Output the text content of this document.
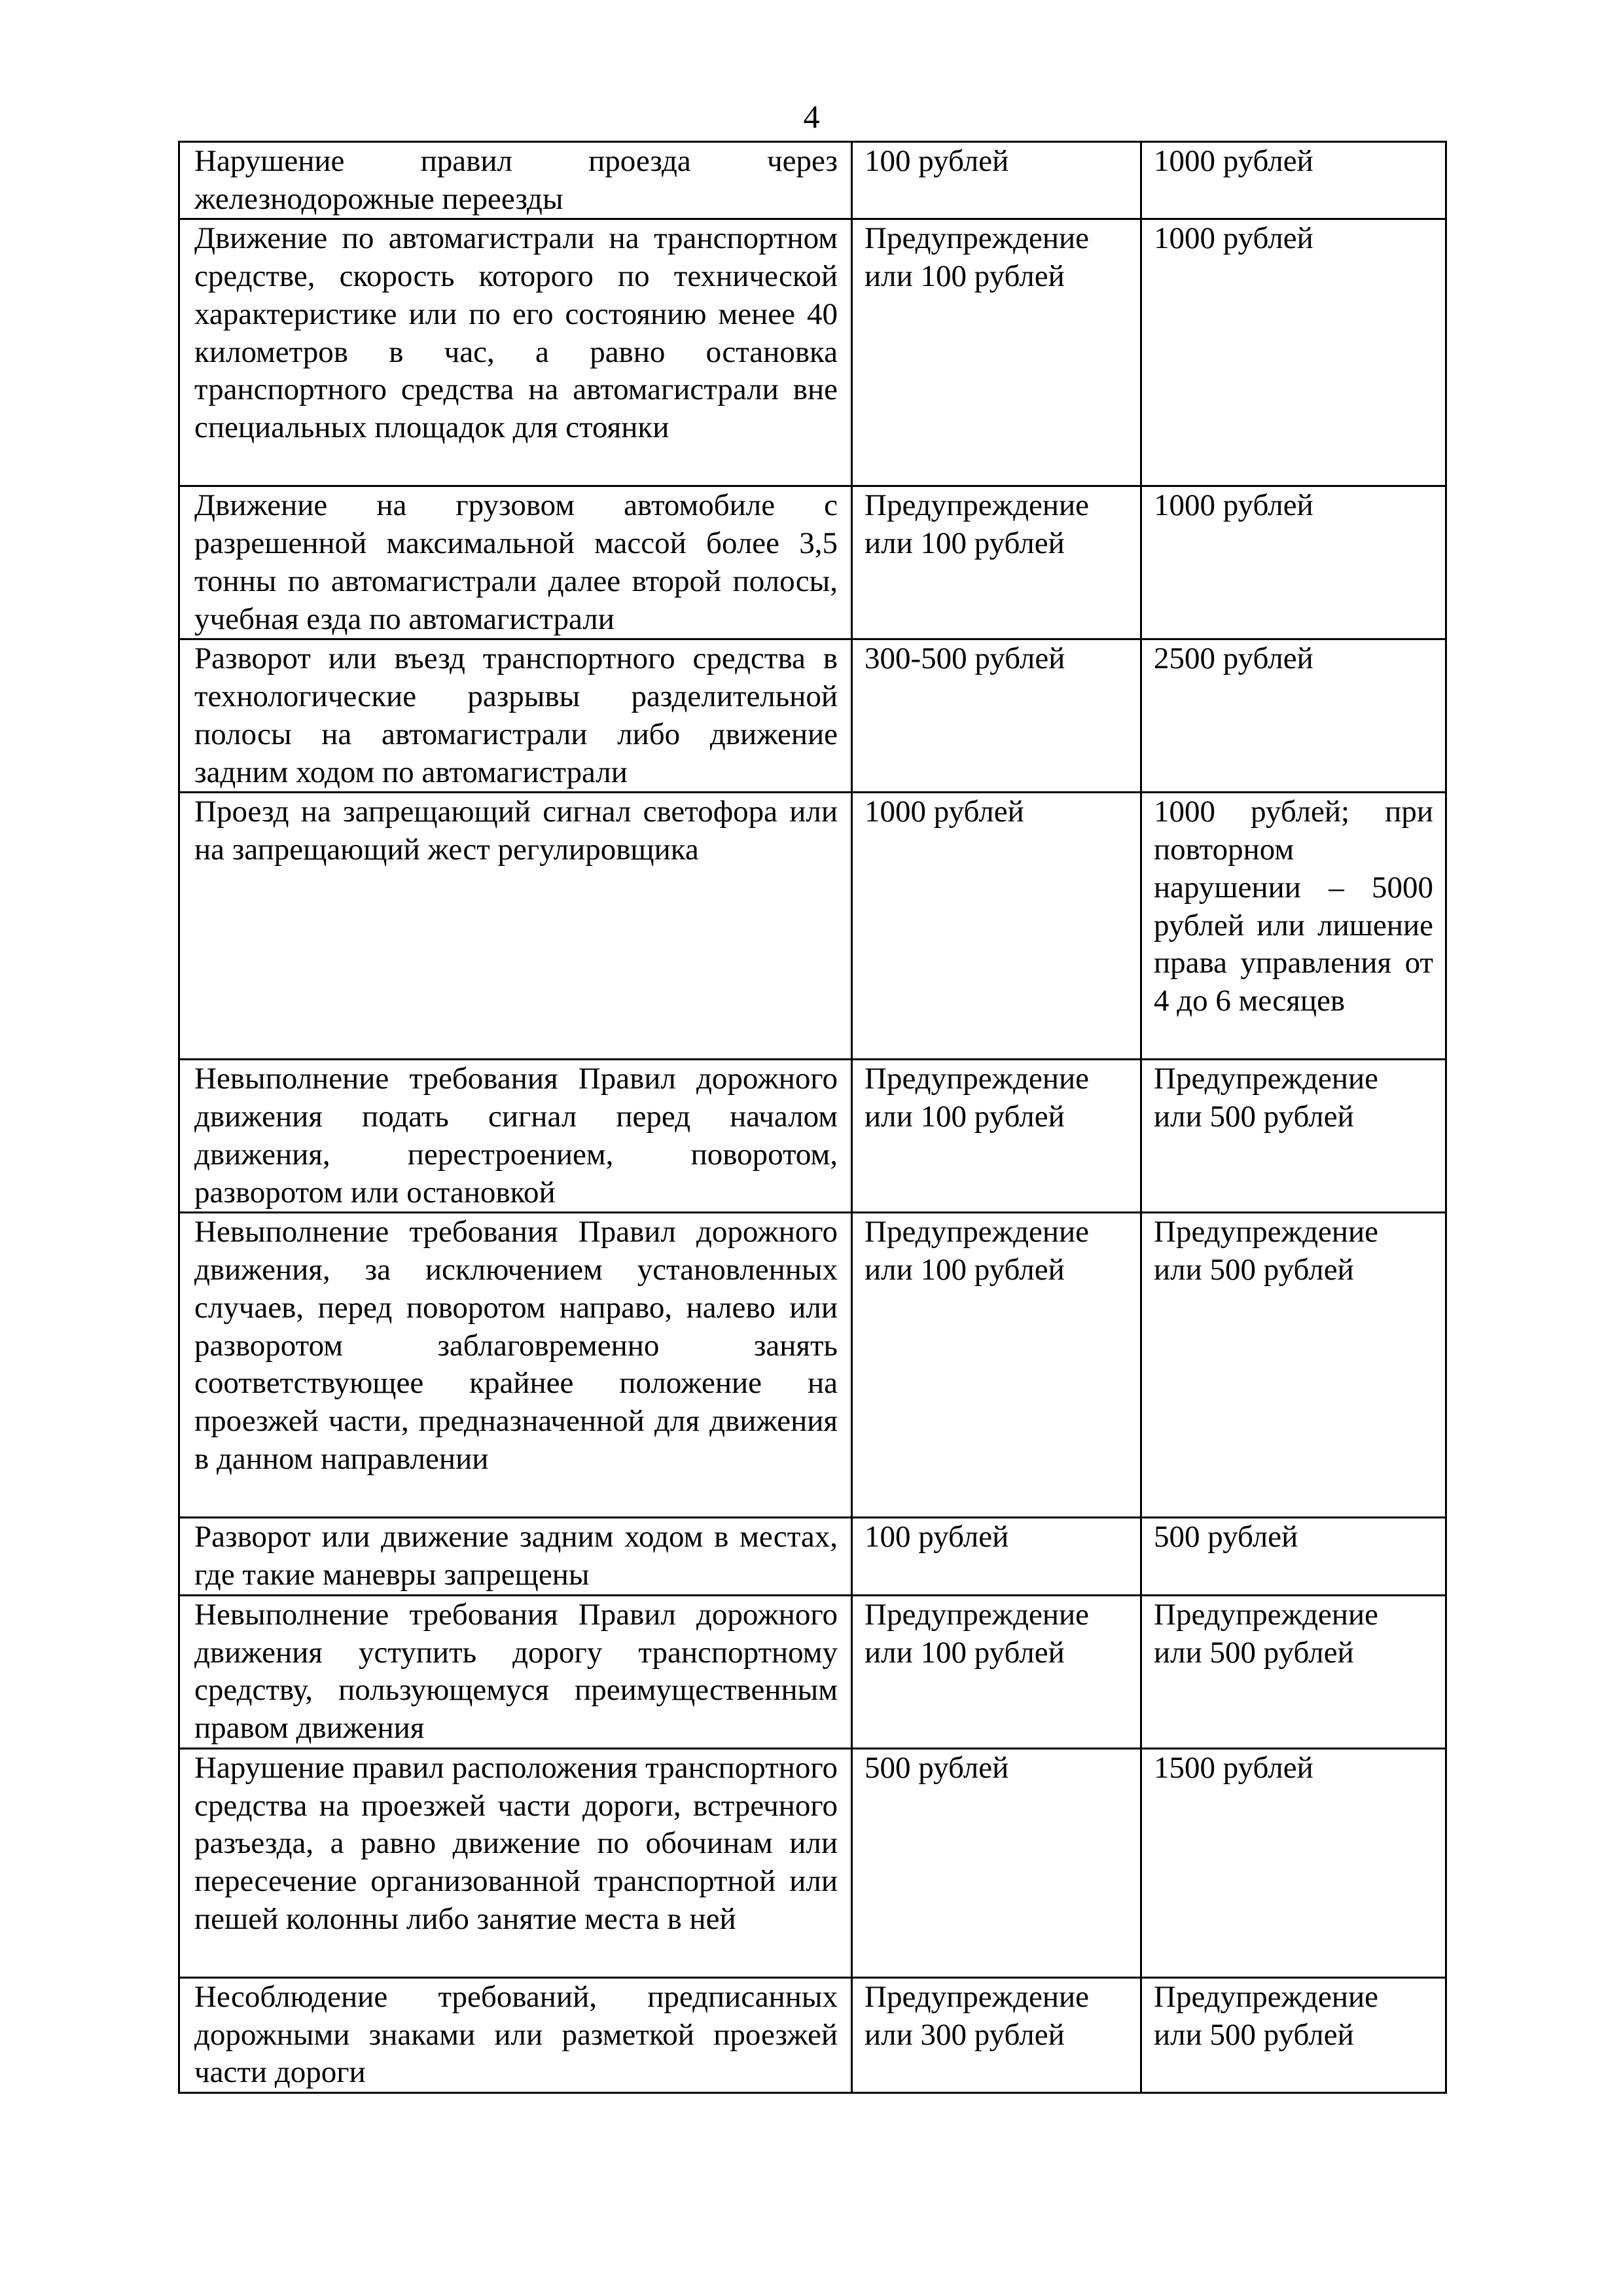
4
Нарушение правил проезда через железнодорожные переезды	100 рублей	1000 рублей
Движение по автомагистрали на транспортном средстве, скорость которого по технической характеристике или по его состоянию менее 40 километров в час, а равно остановка транспортного средства на автомагистрали вне специальных площадок для стоянки	Предупреждение или 100 рублей	1000 рублей
Движение на грузовом автомобиле с разрешенной максимальной массой более 3,5 тонны по автомагистрали далее второй полосы, учебная езда по автомагистрали	Предупреждение или 100 рублей	1000 рублей
Разворот или въезд транспортного средства в технологические разрывы разделительной полосы на автомагистрали либо движение задним ходом по автомагистрали	300-500 рублей	2500 рублей
Проезд на запрещающий сигнал светофора или на запрещающий жест регулировщика	1000 рублей	1000 рублей; при повторном нарушении – 5000 рублей или лишение права управления от 4 до 6 месяцев
Невыполнение требования Правил дорожного движения подать сигнал перед началом движения, перестроением, поворотом, разворотом или остановкой	Предупреждение или 100 рублей	Предупреждение или 500 рублей
Невыполнение требования Правил дорожного движения, за исключением установленных случаев, перед поворотом направо, налево или разворотом заблаговременно занять соответствующее крайнее положение на проезжей части, предназначенной для движения в данном направлении	Предупреждение или 100 рублей	Предупреждение или 500 рублей
Разворот или движение задним ходом в местах, где такие маневры запрещены	100 рублей	500 рублей
Невыполнение требования Правил дорожного движения уступить дорогу транспортному средству, пользующемуся преимущественным правом движения	Предупреждение или 100 рублей	Предупреждение или 500 рублей
Нарушение правил расположения транспортного средства на проезжей части дороги, встречного разъезда, а равно движение по обочинам или пересечение организованной транспортной или пешей колонны либо занятие места в ней	500 рублей	1500 рублей
Несоблюдение требований, предписанных дорожными знаками или разметкой проезжей части дороги	Предупреждение или 300 рублей	Предупреждение или 500 рублей
